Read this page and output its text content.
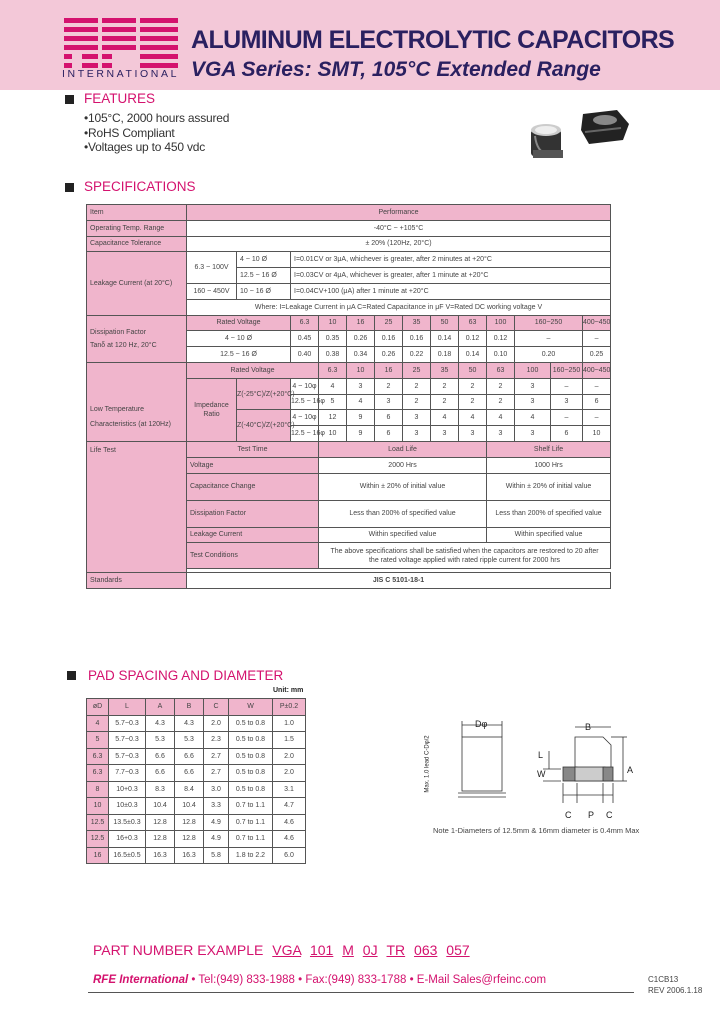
INTERNATIONAL
ALUMINUM ELECTROLYTIC CAPACITORS
VGA Series: SMT, 105°C Extended Range
FEATURES
•105°C, 2000 hours assured
•RoHS Compliant
•Voltages up to 450 vdc
SPECIFICATIONS
Item	Performance												
Operating Temp. Range	-40°C ~ +105°C												
Capacitance Tolerance	± 20% (120Hz, 20°C)												
Leakage Current (at 20°C)	6.3 ~ 100V	4 ~ 10 Ø	I=0.01CV or 3μA, whichever is greater, after 2 minutes at +20°C										
		12.5 ~ 16 Ø	I=0.03CV or 4μA, whichever is greater, after 1 minute at +20°C										
	160 ~ 450V	10 ~ 16 Ø	I=0.04CV+100 (μA) after 1 minute at +20°C										
	Where: I=Leakage Current in μA C=Rated Capacitance in μF V=Rated DC working voltage V												

Dissipation Factor
Tanδ at 120 Hz, 20°C	Rated Voltage		6.3	10	16	25	35	50	63	100	160~250		400~450
	4 ~ 10 Ø		0.45	0.35	0.26	0.16	0.16	0.14	0.12	0.12	–		–
	12.5 ~ 16 Ø		0.40	0.38	0.34	0.26	0.22	0.18	0.14	0.10	0.20		0.25

Low Temperature
Characteristics (at 120Hz)	Rated Voltage			6.3	10	16	25	35	50	63	100	160~250	400~450
	Impedance Ratio	Z(-25°C)/Z(+20°C)	4 ~ 10φ	4	3	2	2	2	2	2	3	–	–
			12.5 ~ 16φ	5	4	3	2	2	2	2	3	3	6
		Z(-40°C)/Z(+20°C)	4 ~ 10φ	12	9	6	3	4	4	4	4	–	–
			12.5 ~ 16φ	10	9	6	3	3	3	3	3	6	10
Life Test	Test Time			Load Life						Shelf Life			
	Voltage			2000 Hrs						1000 Hrs			
	Capacitance Change			Within ± 20% of initial value						Within ± 20% of initial value			
	Dissipation Factor			Less than 200% of specified value						Less than 200% of specified value			
	Leakage Current			Within specified value						Within specified value			
	Test Conditions			The above specifications shall be satisfied when the capacitors are restored to 20 after the rated voltage applied with rated ripple current for 2000 hrs									

Standards	JIS C 5101-18-1												
PAD SPACING AND DIAMETER
Unit: mm
øD	L	A	B	C	W	P±0.2
4	5.7~0.3	4.3	4.3	2.0	0.5 to 0.8	1.0
5	5.7~0.3	5.3	5.3	2.3	0.5 to 0.8	1.5
6.3	5.7~0.3	6.6	6.6	2.7	0.5 to 0.8	2.0
6.3	7.7~0.3	6.6	6.6	2.7	0.5 to 0.8	2.0
8	10+0.3	8.3	8.4	3.0	0.5 to 0.8	3.1
10	10±0.3	10.4	10.4	3.3	0.7 to 1.1	4.7
12.5	13.5±0.3	12.8	12.8	4.9	0.7 to 1.1	4.6
12.5	16+0.3	12.8	12.8	4.9	0.7 to 1.1	4.6
16	16.5±0.5	16.3	16.3	5.8	1.8 to 2.2	6.0
Dφ	B
L
W	A
C P C
Max. 1.0 lead C-Dφ/2
Note 1-Diameters of 12.5mm & 16mm diameter is 0.4mm Max
PART NUMBER EXAMPLE VGA 101 M 0J TR 063 057
RFE International • Tel:(949) 833-1988 • Fax:(949) 833-1788 • E-Mail Sales@rfeinc.com	C1CB13
REV 2006.1.18
